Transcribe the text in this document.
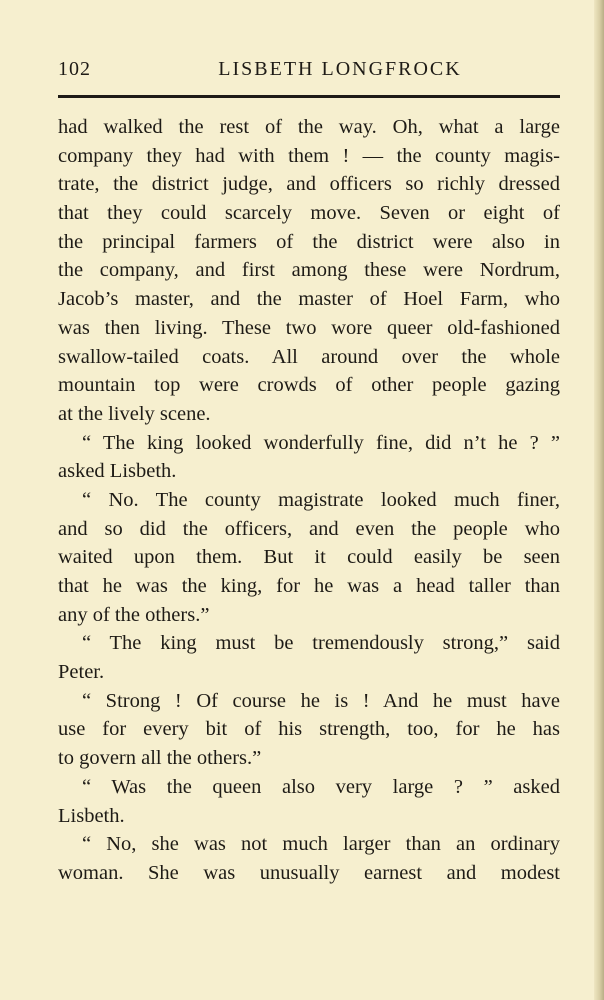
102	LISBETH LONGFROCK
had walked the rest of the way. Oh, what a large
company they had with them ! — the county magis-
trate, the district judge, and officers so richly dressed
that they could scarcely move. Seven or eight of
the principal farmers of the district were also in
the company, and first among these were Nordrum,
Jacob’s master, and the master of Hoel Farm, who
was then living. These two wore queer old-fashioned
swallow-tailed coats. All around over the whole
mountain top were crowds of other people gazing
at the lively scene.
“ The king looked wonderfully fine, did n’t he ? ”
asked Lisbeth.
“ No. The county magistrate looked much finer,
and so did the officers, and even the people who
waited upon them. But it could easily be seen
that he was the king, for he was a head taller than
any of the others.”
“ The king must be tremendously strong,” said
Peter.
“ Strong ! Of course he is ! And he must have
use for every bit of his strength, too, for he has
to govern all the others.”
“ Was the queen also very large ? ” asked
Lisbeth.
“ No, she was not much larger than an ordinary
woman. She was unusually earnest and modest
